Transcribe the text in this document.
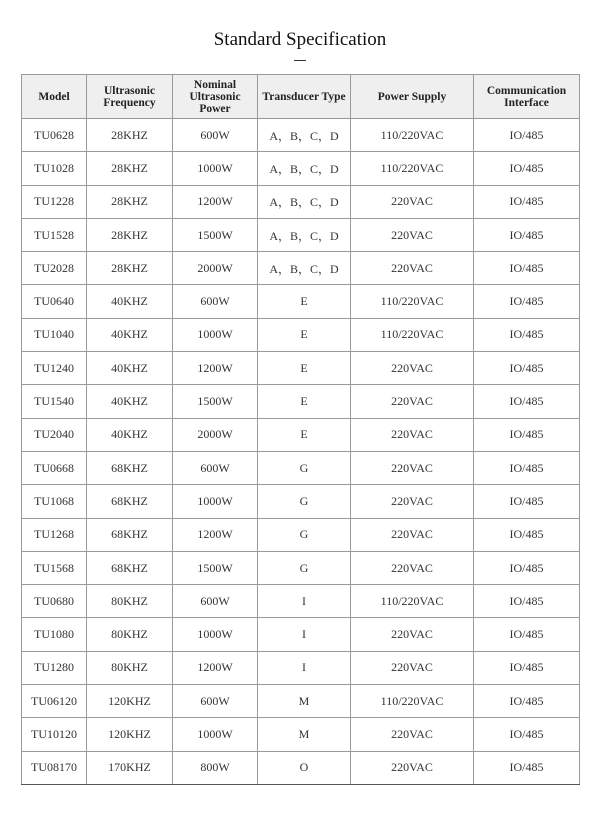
Standard Specification
Model	Ultrasonic Frequency	Nominal Ultrasonic Power	Transducer Type	Power Supply	Communication Interface
TU0628	28KHZ	600W	A，B，C，D	110/220VAC	IO/485
TU1028	28KHZ	1000W	A，B，C，D	110/220VAC	IO/485
TU1228	28KHZ	1200W	A，B，C，D	220VAC	IO/485
TU1528	28KHZ	1500W	A，B，C，D	220VAC	IO/485
TU2028	28KHZ	2000W	A，B，C，D	220VAC	IO/485
TU0640	40KHZ	600W	E	110/220VAC	IO/485
TU1040	40KHZ	1000W	E	110/220VAC	IO/485
TU1240	40KHZ	1200W	E	220VAC	IO/485
TU1540	40KHZ	1500W	E	220VAC	IO/485
TU2040	40KHZ	2000W	E	220VAC	IO/485
TU0668	68KHZ	600W	G	220VAC	IO/485
TU1068	68KHZ	1000W	G	220VAC	IO/485
TU1268	68KHZ	1200W	G	220VAC	IO/485
TU1568	68KHZ	1500W	G	220VAC	IO/485
TU0680	80KHZ	600W	I	110/220VAC	IO/485
TU1080	80KHZ	1000W	I	220VAC	IO/485
TU1280	80KHZ	1200W	I	220VAC	IO/485
TU06120	120KHZ	600W	M	110/220VAC	IO/485
TU10120	120KHZ	1000W	M	220VAC	IO/485
TU08170	170KHZ	800W	O	220VAC	IO/485
